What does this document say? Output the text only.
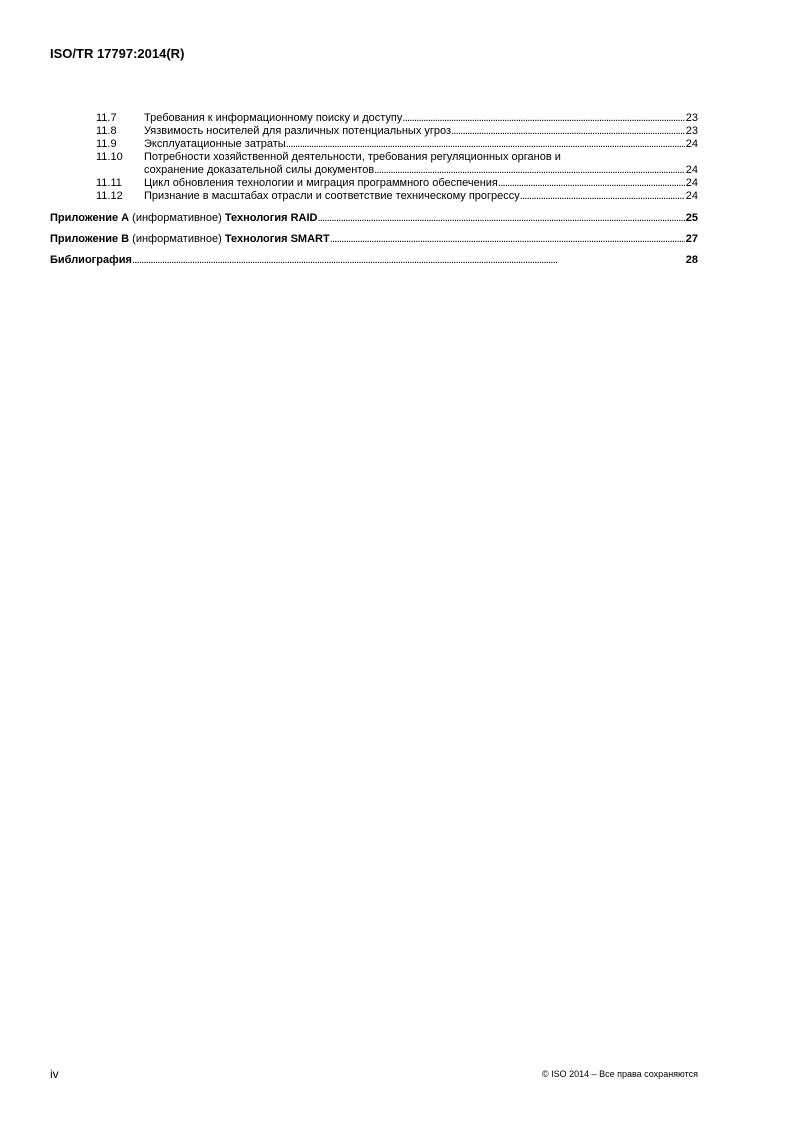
ISO/TR 17797:2014(R)
11.7	Требования к информационному поиску и доступу . . .	23
11.8	Уязвимость носителей для различных потенциальных угроз . . .	23
11.9	Эксплуатационные затраты . . .	24
11.10	Потребности хозяйственной деятельности, требования регуляционных органов и
сохранение доказательной силы документов . . .	24
11.11	Цикл обновления технологии и миграция программного обеспечения . . .	24
11.12	Признание в масштабах отрасли и соответствие техническому прогрессу . . .	24
Приложение A (информативное) Технология RAID . . .	25
Приложение B (информативное) Технология SMART . . .	27
Библиография . . .	28
iv	© ISO 2014 – Все права сохраняются
